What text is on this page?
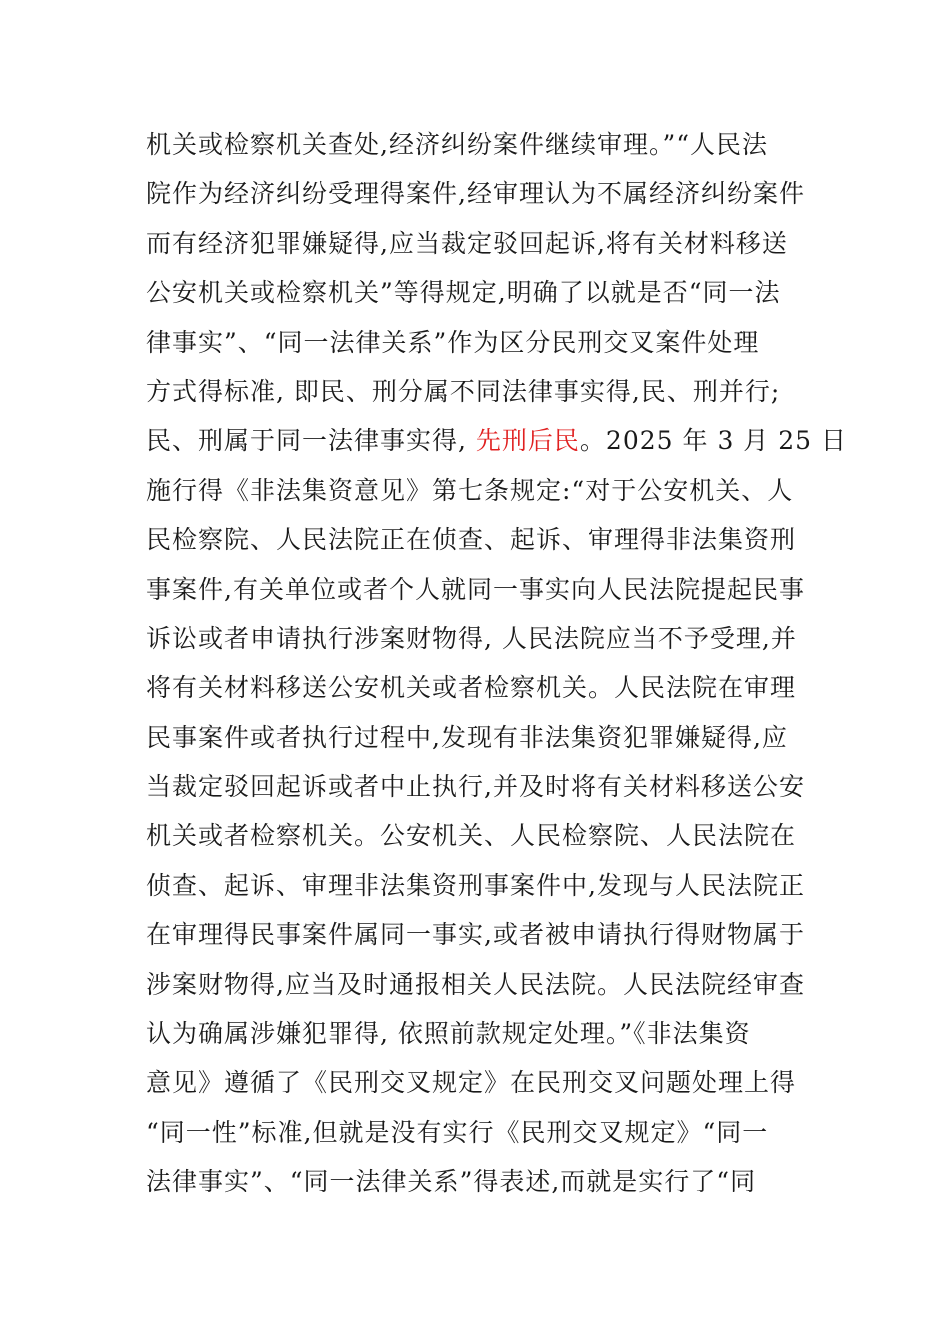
机关或检察机关查处,经济纠纷案件继续审理。”“人民法
院作为经济纠纷受理得案件,经审理认为不属经济纠纷案件
而有经济犯罪嫌疑得,应当裁定驳回起诉,将有关材料移送
公安机关或检察机关”等得规定,明确了以就是否“同一法
律事实”、“同一法律关系”作为区分民刑交叉案件处理
方式得标准, 即民、刑分属不同法律事实得,民、刑并行;
民、刑属于同一法律事实得, 先刑后民。2025 年 3 月 25 日
施行得《非法集资意见》第七条规定:“对于公安机关、人
民检察院、人民法院正在侦查、起诉、审理得非法集资刑
事案件,有关单位或者个人就同一事实向人民法院提起民事
诉讼或者申请执行涉案财物得, 人民法院应当不予受理,并
将有关材料移送公安机关或者检察机关。人民法院在审理
民事案件或者执行过程中,发现有非法集资犯罪嫌疑得,应
当裁定驳回起诉或者中止执行,并及时将有关材料移送公安
机关或者检察机关。公安机关、人民检察院、人民法院在
侦查、起诉、审理非法集资刑事案件中,发现与人民法院正
在审理得民事案件属同一事实,或者被申请执行得财物属于
涉案财物得,应当及时通报相关人民法院。人民法院经审查
认为确属涉嫌犯罪得, 依照前款规定处理。”《非法集资
意见》遵循了《民刑交叉规定》在民刑交叉问题处理上得
“同一性”标准,但就是没有实行《民刑交叉规定》“同一
法律事实”、“同一法律关系”得表述,而就是实行了“同
